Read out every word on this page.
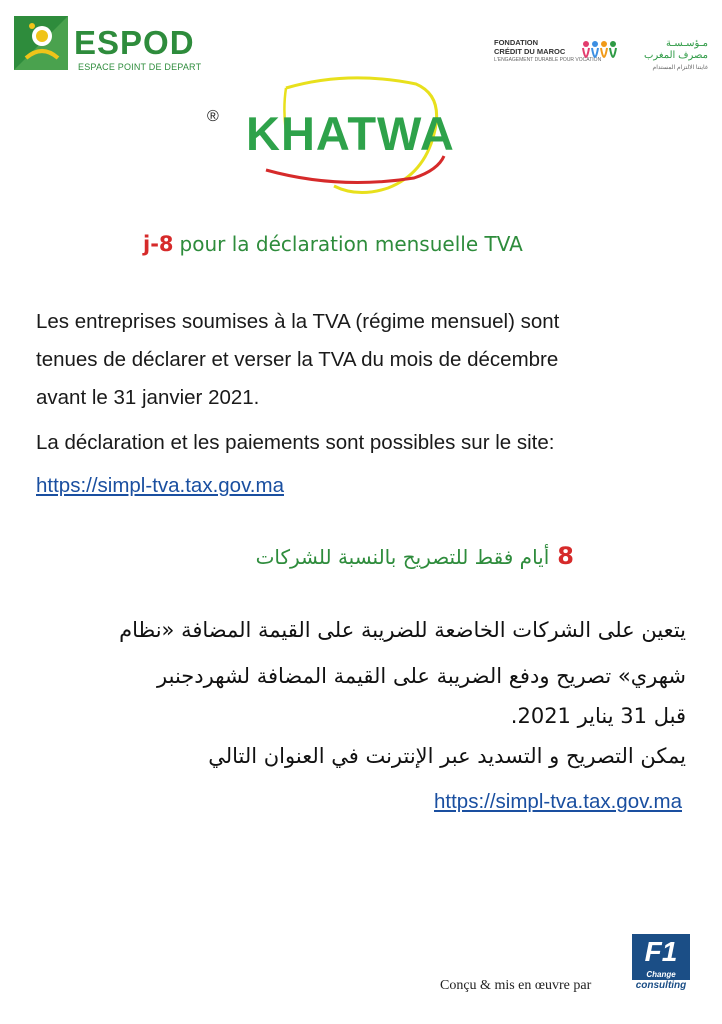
ESPOD
ESPACE POINT DE DEPART
FONDATION
CRÉDIT DU MAROC
L'ENGAGEMENT DURABLE POUR VOCATION
مـؤسـسـة
مصرف المغرب
غايتنا الالتزام المستدام
® KHATWA
j-8 pour la déclaration mensuelle TVA
Les entreprises soumises à la TVA (régime mensuel) sont
tenues de déclarer et verser la TVA du mois de décembre
avant le 31 janvier 2021.
La déclaration et les paiements sont possibles sur le site:
https://simpl-tva.tax.gov.ma
8أيام فقط للتصريح بالنسبة للشركات
يتعين على الشركات الخاضعة للضريبة على القيمة المضافة «نظام
شهري» تصريح ودفع الضريبة على القيمة المضافة لشهردجنبر
قبل 31 يناير 2021.
يمكن التصريح و التسديد عبر الإنترنت في العنوان التالي
https://simpl-tva.tax.gov.ma
Conçu & mis en œuvre par
F1
Change
consulting
